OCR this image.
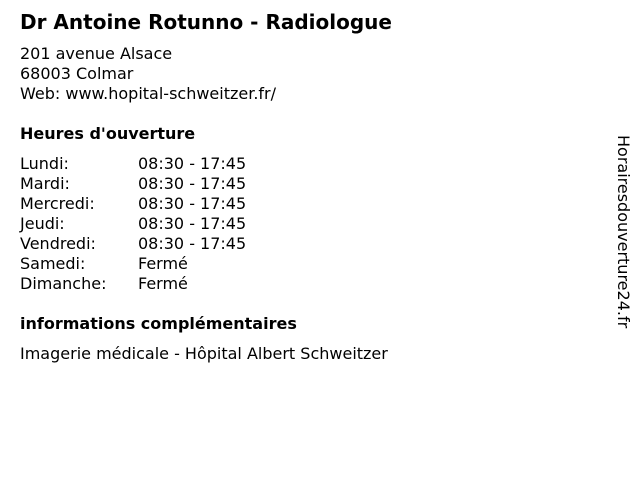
Dr Antoine Rotunno - Radiologue
201 avenue Alsace
68003 Colmar
Web: www.hopital-schweitzer.fr/
Heures d'ouverture
Lundi:	08:30 - 17:45
Mardi:	08:30 - 17:45
Mercredi:	08:30 - 17:45
Jeudi:	08:30 - 17:45
Vendredi:	08:30 - 17:45
Samedi:	Fermé
Dimanche: Fermé
informations complémentaires
Imagerie médicale - Hôpital Albert Schweitzer
Horairesdouverture24.fr
